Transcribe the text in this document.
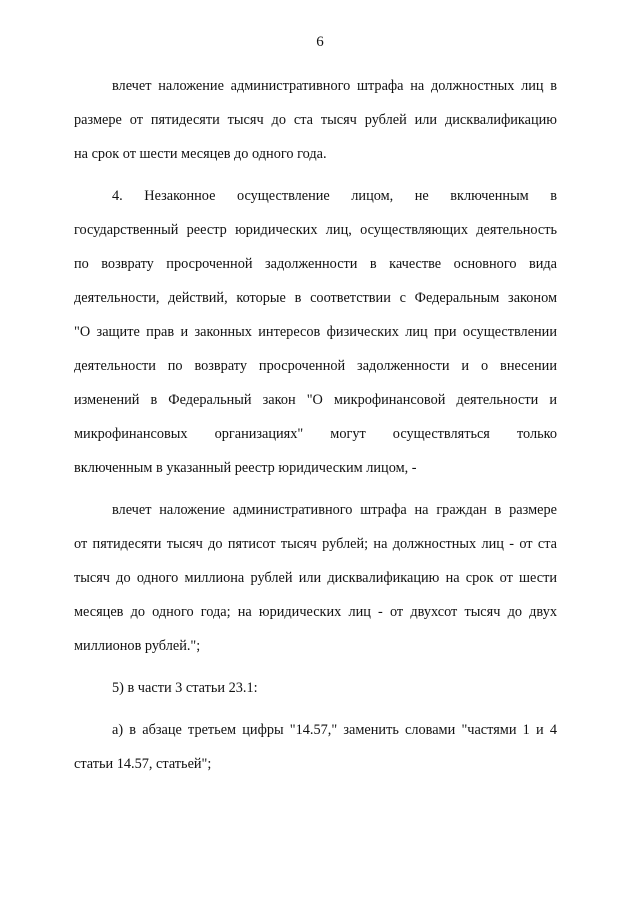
6
влечет наложение административного штрафа на должностных лиц в
размере от пятидесяти тысяч до ста тысяч рублей или дисквалификацию
на срок от шести месяцев до одного года.
4. Незаконное осуществление лицом, не включенным в
государственный реестр юридических лиц, осуществляющих деятельность
по возврату просроченной задолженности в качестве основного вида
деятельности, действий, которые в соответствии с Федеральным законом
"О защите прав и законных интересов физических лиц при осуществлении
деятельности по возврату просроченной задолженности и о внесении
изменений в Федеральный закон "О микрофинансовой деятельности и
микрофинансовых организациях" могут осуществляться только
включенным в указанный реестр юридическим лицом, -
влечет наложение административного штрафа на граждан в размере
от пятидесяти тысяч до пятисот тысяч рублей; на должностных лиц - от ста
тысяч до одного миллиона рублей или дисквалификацию на срок от шести
месяцев до одного года; на юридических лиц - от двухсот тысяч до двух
миллионов рублей.";
5) в части 3 статьи 23.1:
а) в абзаце третьем цифры "14.57," заменить словами "частями 1 и 4
статьи 14.57, статьей";
